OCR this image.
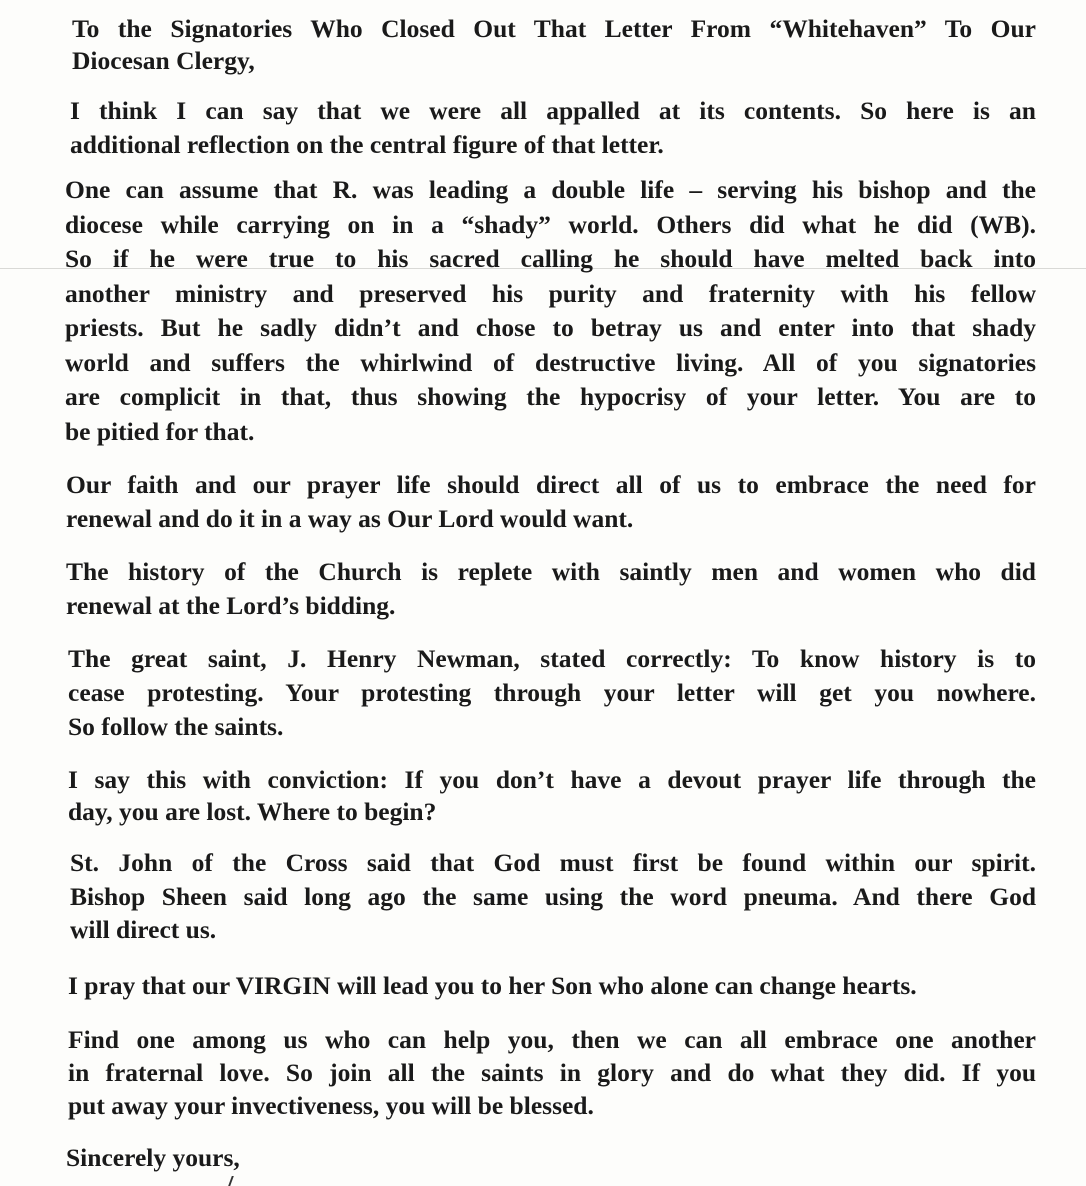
To the Signatories Who Closed Out That Letter From “Whitehaven” To Our
Diocesan Clergy,
I think I can say that we were all appalled at its contents. So here is an
additional reflection on the central figure of that letter.
One can assume that R. was leading a double life – serving his bishop and the
diocese while carrying on in a “shady” world. Others did what he did (WB).
So if he were true to his sacred calling he should have melted back into
another ministry and preserved his purity and fraternity with his fellow
priests. But he sadly didn’t and chose to betray us and enter into that shady
world and suffers the whirlwind of destructive living. All of you signatories
are complicit in that, thus showing the hypocrisy of your letter. You are to
be pitied for that.
Our faith and our prayer life should direct all of us to embrace the need for
renewal and do it in a way as Our Lord would want.
The history of the Church is replete with saintly men and women who did
renewal at the Lord’s bidding.
The great saint, J. Henry Newman, stated correctly: To know history is to
cease protesting. Your protesting through your letter will get you nowhere.
So follow the saints.
I say this with conviction: If you don’t have a devout prayer life through the
day, you are lost. Where to begin?
St. John of the Cross said that God must first be found within our spirit.
Bishop Sheen said long ago the same using the word pneuma. And there God
will direct us.
I pray that our VIRGIN will lead you to her Son who alone can change hearts.
Find one among us who can help you, then we can all embrace one another
in fraternal love. So join all the saints in glory and do what they did. If you
put away your invectiveness, you will be blessed.
Sincerely yours,
